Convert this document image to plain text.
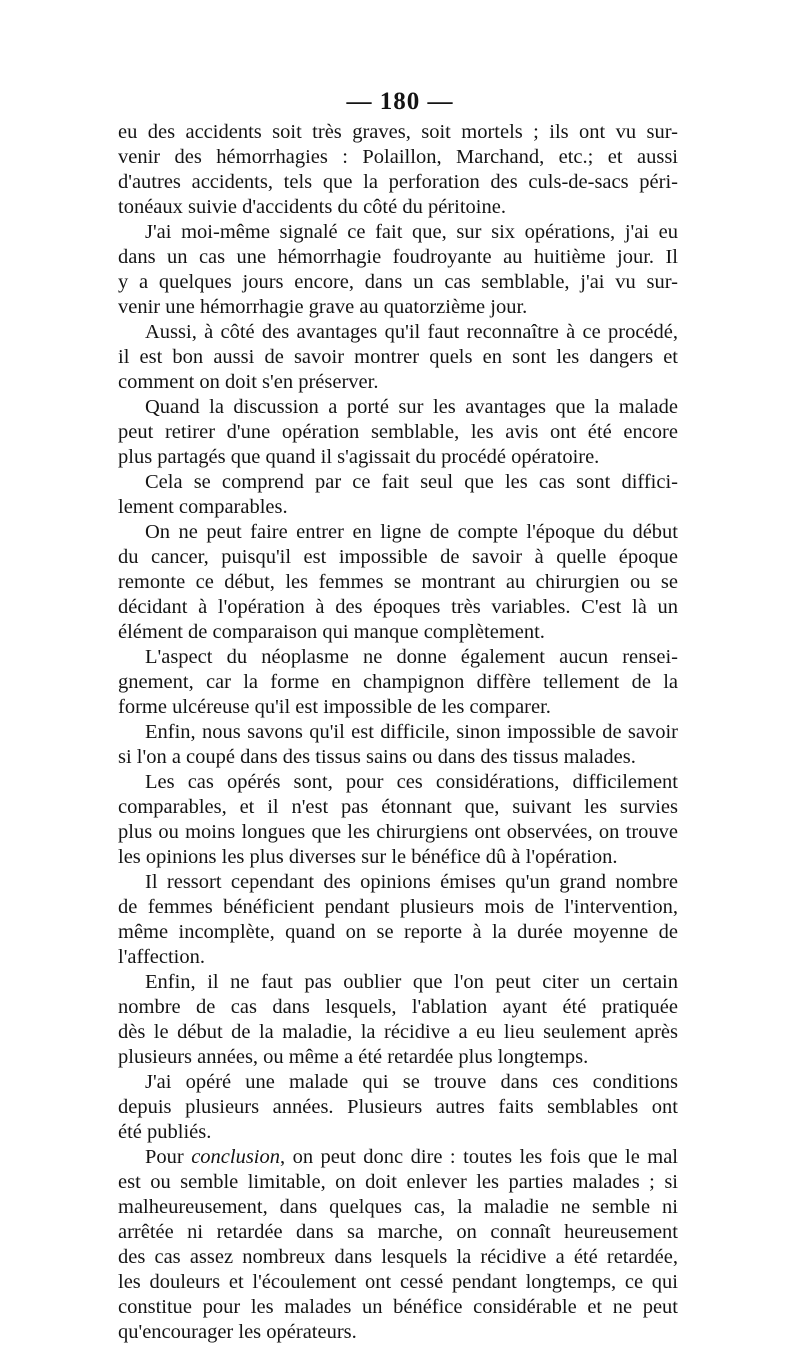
— 180 —
eu des accidents soit très graves, soit mortels ; ils ont vu sur-
venir des hémorrhagies : Polaillon, Marchand, etc.; et aussi
d'autres accidents, tels que la perforation des culs-de-sacs péri-
tonéaux suivie d'accidents du côté du péritoine.
J'ai moi-même signalé ce fait que, sur six opérations, j'ai eu
dans un cas une hémorrhagie foudroyante au huitième jour. Il
y a quelques jours encore, dans un cas semblable, j'ai vu sur-
venir une hémorrhagie grave au quatorzième jour.
Aussi, à côté des avantages qu'il faut reconnaître à ce procédé,
il est bon aussi de savoir montrer quels en sont les dangers et
comment on doit s'en préserver.
Quand la discussion a porté sur les avantages que la malade
peut retirer d'une opération semblable, les avis ont été encore
plus partagés que quand il s'agissait du procédé opératoire.
Cela se comprend par ce fait seul que les cas sont diffici-
lement comparables.
On ne peut faire entrer en ligne de compte l'époque du début
du cancer, puisqu'il est impossible de savoir à quelle époque
remonte ce début, les femmes se montrant au chirurgien ou se
décidant à l'opération à des époques très variables. C'est là un
élément de comparaison qui manque complètement.
L'aspect du néoplasme ne donne également aucun rensei-
gnement, car la forme en champignon diffère tellement de la
forme ulcéreuse qu'il est impossible de les comparer.
Enfin, nous savons qu'il est difficile, sinon impossible de savoir
si l'on a coupé dans des tissus sains ou dans des tissus malades.
Les cas opérés sont, pour ces considérations, difficilement
comparables, et il n'est pas étonnant que, suivant les survies
plus ou moins longues que les chirurgiens ont observées, on trouve
les opinions les plus diverses sur le bénéfice dû à l'opération.
Il ressort cependant des opinions émises qu'un grand nombre
de femmes bénéficient pendant plusieurs mois de l'intervention,
même incomplète, quand on se reporte à la durée moyenne de
l'affection.
Enfin, il ne faut pas oublier que l'on peut citer un certain
nombre de cas dans lesquels, l'ablation ayant été pratiquée
dès le début de la maladie, la récidive a eu lieu seulement après
plusieurs années, ou même a été retardée plus longtemps.
J'ai opéré une malade qui se trouve dans ces conditions
depuis plusieurs années. Plusieurs autres faits semblables ont
été publiés.
Pour conclusion, on peut donc dire : toutes les fois que le mal
est ou semble limitable, on doit enlever les parties malades ; si
malheureusement, dans quelques cas, la maladie ne semble ni
arrêtée ni retardée dans sa marche, on connaît heureusement
des cas assez nombreux dans lesquels la récidive a été retardée,
les douleurs et l'écoulement ont cessé pendant longtemps, ce qui
constitue pour les malades un bénéfice considérable et ne peut
qu'encourager les opérateurs.
